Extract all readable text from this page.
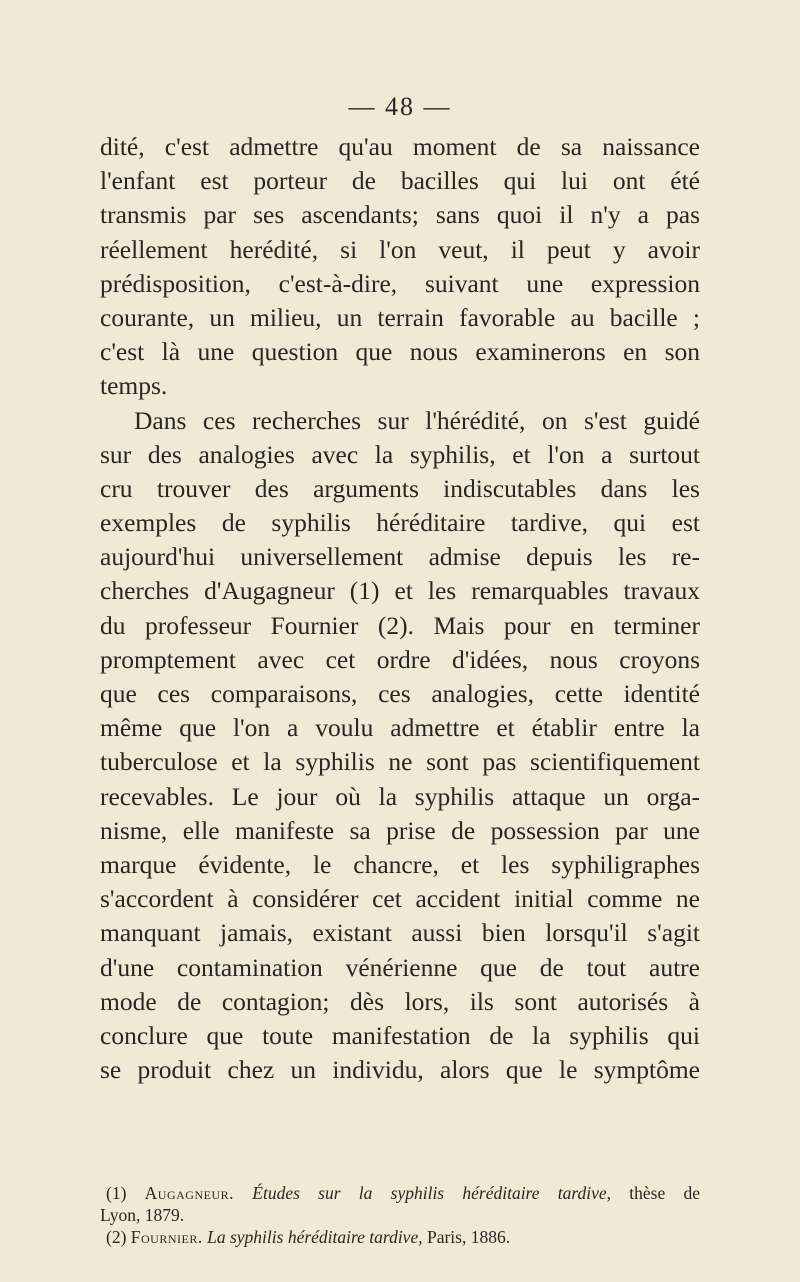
— 48 —
dité, c'est admettre qu'au moment de sa naissance
l'enfant est porteur de bacilles qui lui ont été
transmis par ses ascendants; sans quoi il n'y a pas
réellement herédité, si l'on veut, il peut y avoir
prédisposition, c'est-à-dire, suivant une expression
courante, un milieu, un terrain favorable au bacille ;
c'est là une question que nous examinerons en son
temps.
Dans ces recherches sur l'hérédité, on s'est guidé
sur des analogies avec la syphilis, et l'on a surtout
cru trouver des arguments indiscutables dans les
exemples de syphilis héréditaire tardive, qui est
aujourd'hui universellement admise depuis les re-
cherches d'Augagneur (1) et les remarquables travaux
du professeur Fournier (2). Mais pour en terminer
promptement avec cet ordre d'idées, nous croyons
que ces comparaisons, ces analogies, cette identité
même que l'on a voulu admettre et établir entre la
tuberculose et la syphilis ne sont pas scientifiquement
recevables. Le jour où la syphilis attaque un orga-
nisme, elle manifeste sa prise de possession par une
marque évidente, le chancre, et les syphiligraphes
s'accordent à considérer cet accident initial comme ne
manquant jamais, existant aussi bien lorsqu'il s'agit
d'une contamination vénérienne que de tout autre
mode de contagion; dès lors, ils sont autorisés à
conclure que toute manifestation de la syphilis qui
se produit chez un individu, alors que le symptôme
(1) Augagneur. Études sur la syphilis héréditaire tardive, thèse de
Lyon, 1879.
(2) Fournier. La syphilis héréditaire tardive, Paris, 1886.
